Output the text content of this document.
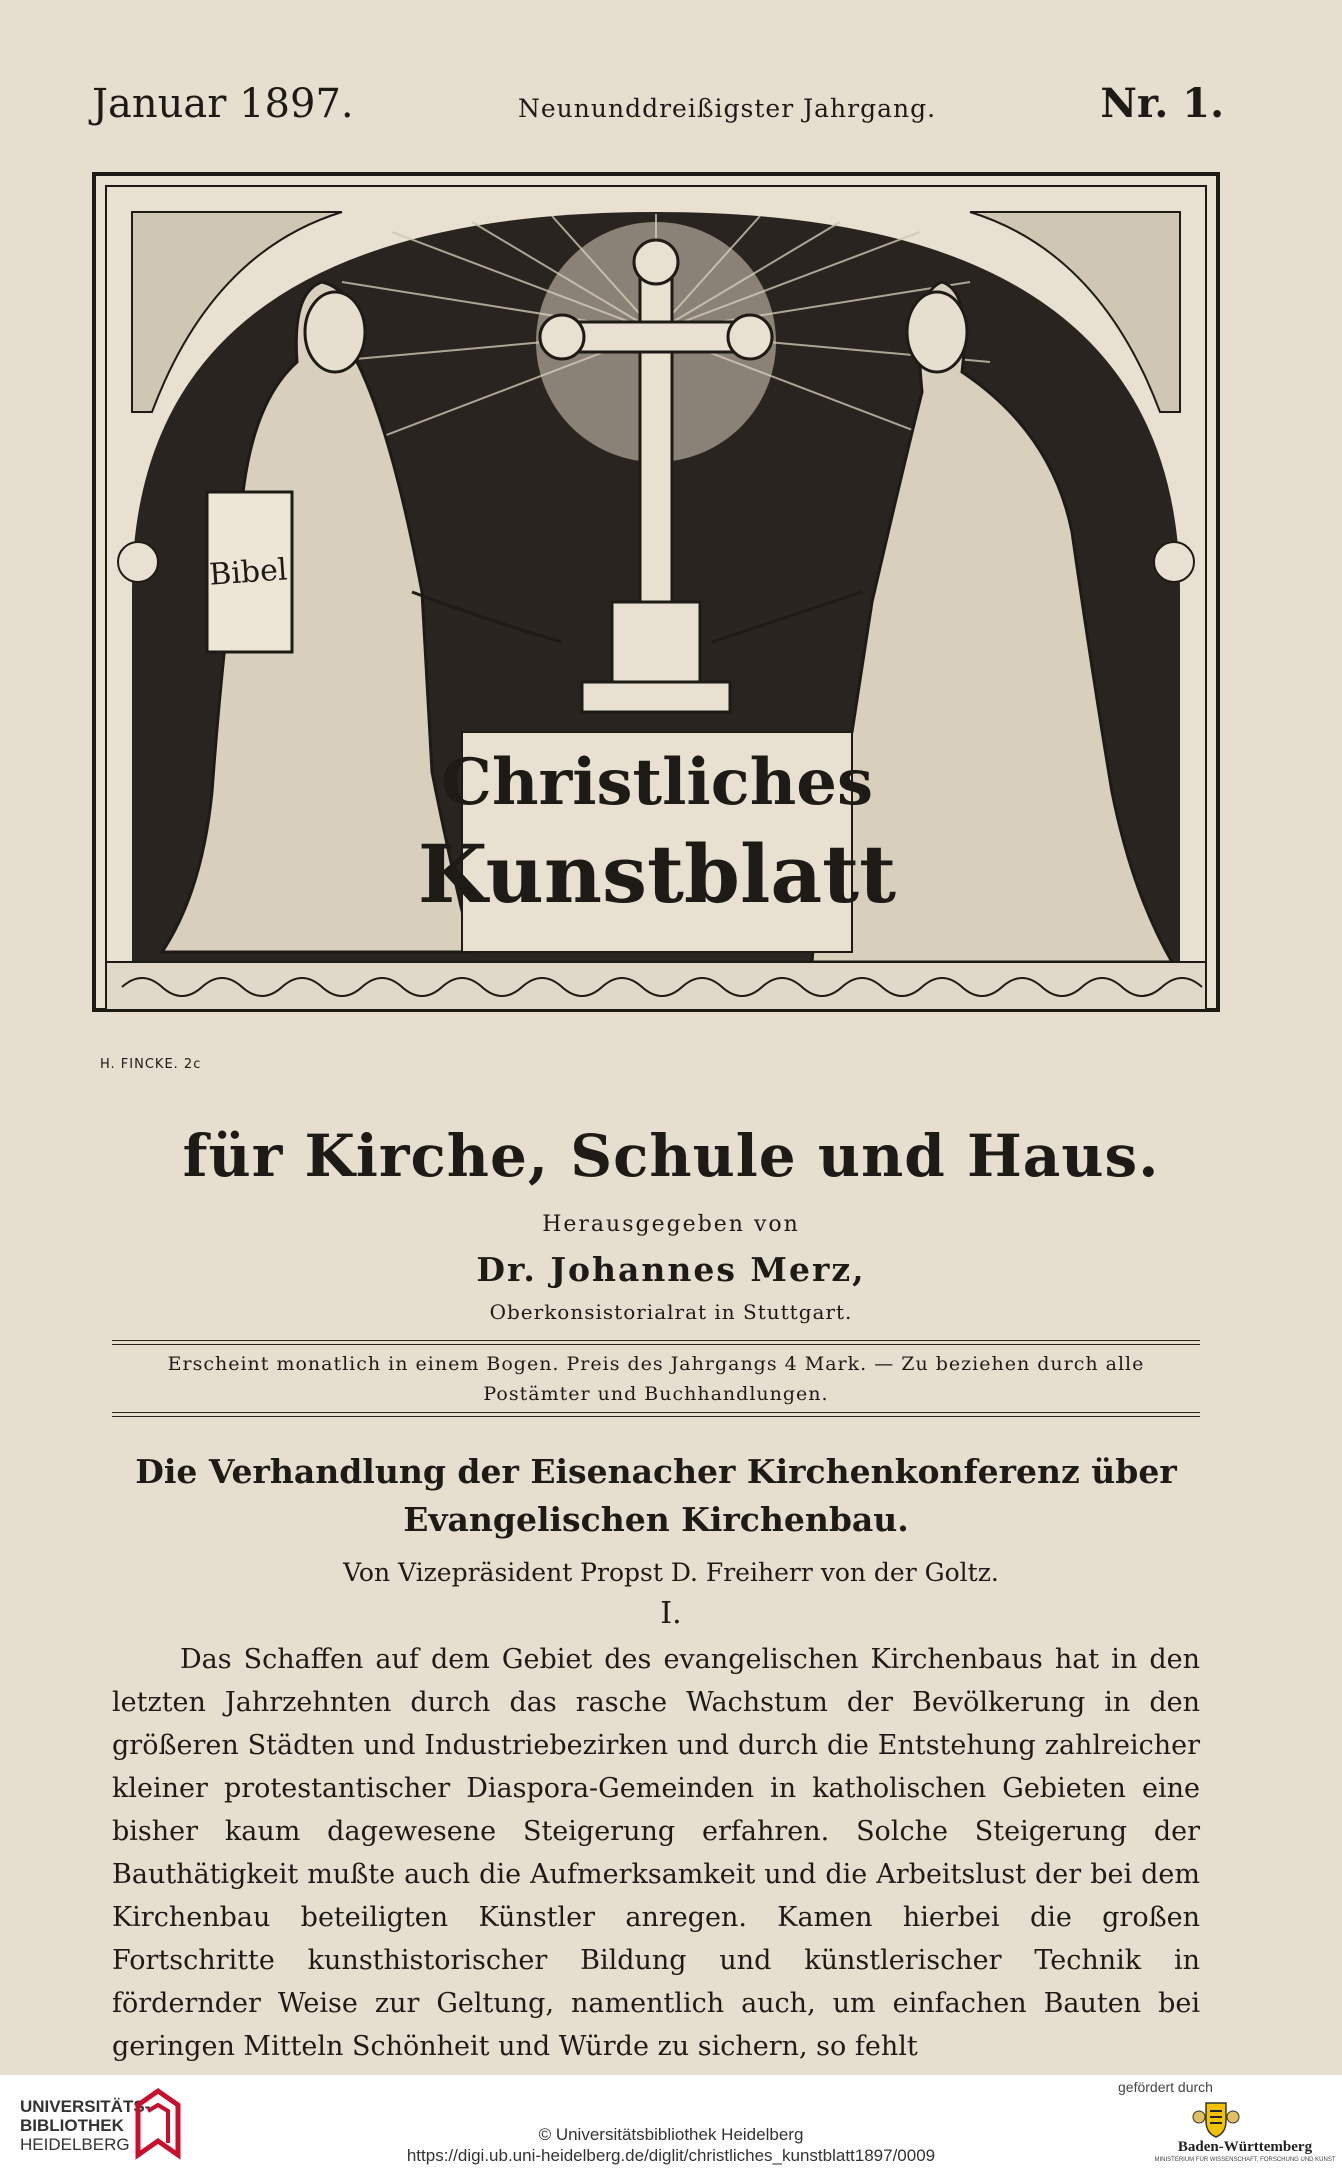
Januar 1897.	Neununddreißigster Jahrgang.	Nr. 1.
Christliches
Kunstblatt
Bibel
H. FINCKE. 2c
für Kirche, Schule und Haus.
Herausgegeben von
Dr. Johannes Merz,
Oberkonsistorialrat in Stuttgart.
Erscheint monatlich in einem Bogen. Preis des Jahrgangs 4 Mark. — Zu beziehen durch alle Postämter und Buchhandlungen.
Die Verhandlung der Eisenacher Kirchenkonferenz über Evangelischen Kirchenbau.
Von Vizepräsident Propst D. Freiherr von der Goltz.
I.
Das Schaffen auf dem Gebiet des evangelischen Kirchenbaus hat in den letzten Jahrzehnten durch das rasche Wachstum der Bevölkerung in den größeren Städten und Industriebezirken und durch die Entstehung zahlreicher kleiner protestantischer Diaspora-Gemeinden in katholischen Gebieten eine bisher kaum dagewesene Steigerung erfahren. Solche Steigerung der Bauthätigkeit mußte auch die Aufmerksamkeit und die Arbeitslust der bei dem Kirchenbau beteiligten Künstler anregen. Kamen hierbei die großen Fortschritte kunsthistorischer Bildung und künstlerischer Technik in fördernder Weise zur Geltung, namentlich auch, um einfachen Bauten bei geringen Mitteln Schönheit und Würde zu sichern, so fehlt
UNIVERSITÄTS-
BIBLIOTHEK
HEIDELBERG
© Universitätsbibliothek Heidelberg
https://digi.ub.uni-heidelberg.de/diglit/christliches_kunstblatt1897/0009
gefördert durch
Baden-Württemberg
MINISTERIUM FÜR WISSENSCHAFT, FORSCHUNG UND KUNST
